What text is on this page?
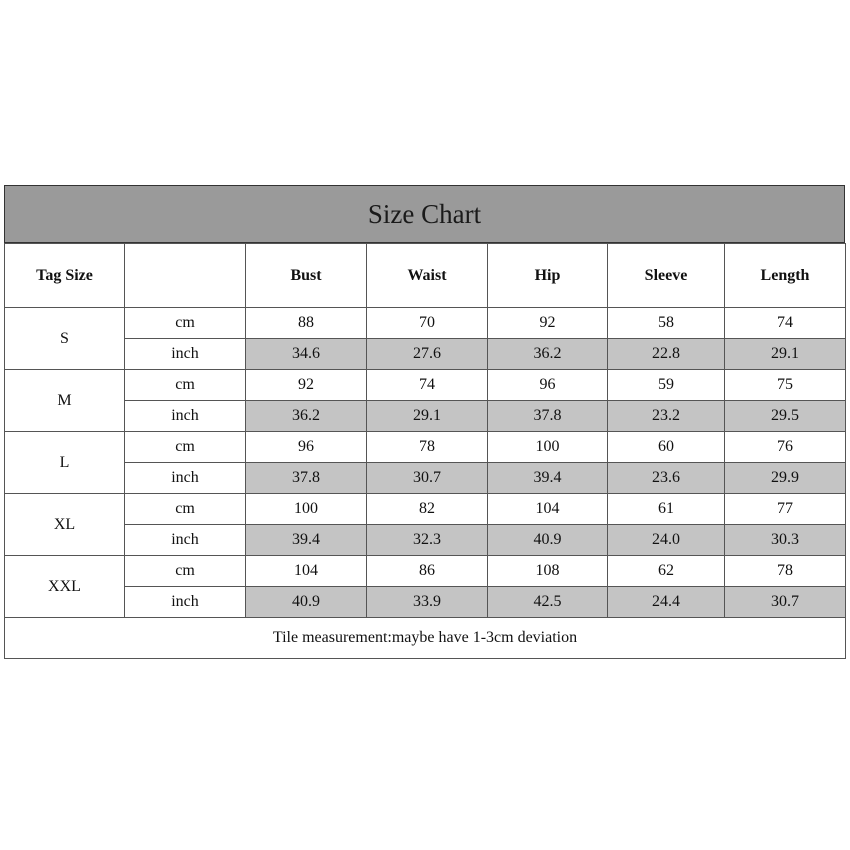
Size Chart
Tag Size		Bust	Waist	Hip	Sleeve	Length
S	cm	88	70	92	58	74
	inch	34.6	27.6	36.2	22.8	29.1
M	cm	92	74	96	59	75
	inch	36.2	29.1	37.8	23.2	29.5
L	cm	96	78	100	60	76
	inch	37.8	30.7	39.4	23.6	29.9
XL	cm	100	82	104	61	77
	inch	39.4	32.3	40.9	24.0	30.3
XXL	cm	104	86	108	62	78
	inch	40.9	33.9	42.5	24.4	30.7
Tile measurement:maybe have 1-3cm deviation						
